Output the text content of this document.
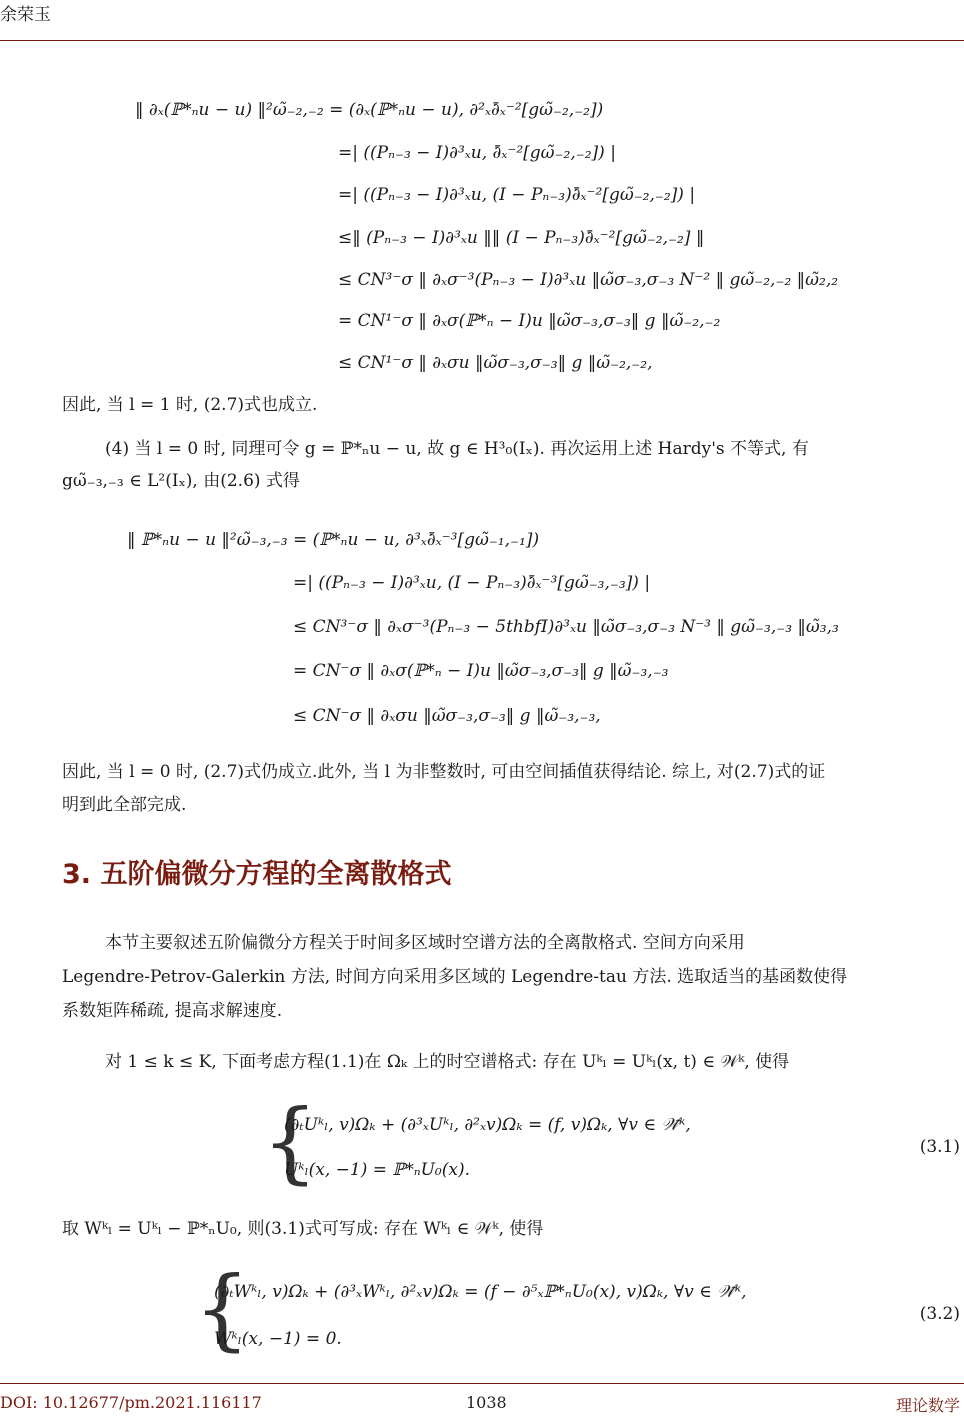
余荣玉
‖ ∂ₓ(ℙ*ₙu − u) ‖²ω̃₋₂,₋₂ = (∂ₓ(ℙ*ₙu − u), ∂²ₓ∂̄ₓ⁻²[gω̃₋₂,₋₂])
=| ((Pₙ₋₃ − I)∂³ₓu, ∂̄ₓ⁻²[gω̃₋₂,₋₂]) |
=| ((Pₙ₋₃ − I)∂³ₓu, (I − Pₙ₋₃)∂̄ₓ⁻²[gω̃₋₂,₋₂]) |
≤‖ (Pₙ₋₃ − I)∂³ₓu ‖‖ (I − Pₙ₋₃)∂̄ₓ⁻²[gω̃₋₂,₋₂] ‖
≤ CN³⁻σ ‖ ∂ₓσ⁻³(Pₙ₋₃ − I)∂³ₓu ‖ω̃σ₋₃,σ₋₃ N⁻² ‖ gω̃₋₂,₋₂ ‖ω̃₂,₂
= CN¹⁻σ ‖ ∂ₓσ(ℙ*ₙ − I)u ‖ω̃σ₋₃,σ₋₃‖ g ‖ω̃₋₂,₋₂
≤ CN¹⁻σ ‖ ∂ₓσu ‖ω̃σ₋₃,σ₋₃‖ g ‖ω̃₋₂,₋₂,
因此, 当 l = 1 时, (2.7)式也成立.
(4) 当 l = 0 时, 同理可令 g = ℙ*ₙu − u, 故 g ∈ H³₀(Iₓ). 再次运用上述 Hardy's 不等式, 有
gω̃₋₃,₋₃ ∈ L²(Iₓ), 由(2.6) 式得
‖ ℙ*ₙu − u ‖²ω̃₋₃,₋₃ = (ℙ*ₙu − u, ∂³ₓ∂̄ₓ⁻³[gω̃₋₁,₋₁])
=| ((Pₙ₋₃ − I)∂³ₓu, (I − Pₙ₋₃)∂̄ₓ⁻³[gω̃₋₃,₋₃]) |
≤ CN³⁻σ ‖ ∂ₓσ⁻³(Pₙ₋₃ − 5thbfI)∂³ₓu ‖ω̃σ₋₃,σ₋₃ N⁻³ ‖ gω̃₋₃,₋₃ ‖ω̃₃,₃
= CN⁻σ ‖ ∂ₓσ(ℙ*ₙ − I)u ‖ω̃σ₋₃,σ₋₃‖ g ‖ω̃₋₃,₋₃
≤ CN⁻σ ‖ ∂ₓσu ‖ω̃σ₋₃,σ₋₃‖ g ‖ω̃₋₃,₋₃,
因此, 当 l = 0 时, (2.7)式仍成立.此外, 当 l 为非整数时, 可由空间插值获得结论. 综上, 对(2.7)式的证
明到此全部完成.
3. 五阶偏微分方程的全离散格式
本节主要叙述五阶偏微分方程关于时间多区域时空谱方法的全离散格式. 空间方向采用
Legendre-Petrov-Galerkin 方法, 时间方向采用多区域的 Legendre-tau 方法. 选取适当的基函数使得
系数矩阵稀疏, 提高求解速度.
对 1 ≤ k ≤ K, 下面考虑方程(1.1)在 Ωₖ 上的时空谱格式: 存在 Uᵏₗ = Uᵏₗ(x, t) ∈ 𝒲ᵏ, 使得
{
(∂ₜUᵏₗ, v)Ωₖ + (∂³ₓUᵏₗ, ∂²ₓv)Ωₖ = (f, v)Ωₖ, ∀v ∈ 𝒲̃ᵏ,
Uᵏₗ(x, −1) = ℙ*ₙU₀(x).
(3.1)
取 Wᵏₗ = Uᵏₗ − ℙ*ₙU₀, 则(3.1)式可写成: 存在 Wᵏₗ ∈ 𝒲ᵏ, 使得
{
(∂ₜWᵏₗ, v)Ωₖ + (∂³ₓWᵏₗ, ∂²ₓv)Ωₖ = (f − ∂⁵ₓℙ*ₙU₀(x), v)Ωₖ, ∀v ∈ 𝒲̃ᵏ,
Wᵏₗ(x, −1) = 0.
(3.2)
DOI: 10.12677/pm.2021.116117	1038	理论数学
